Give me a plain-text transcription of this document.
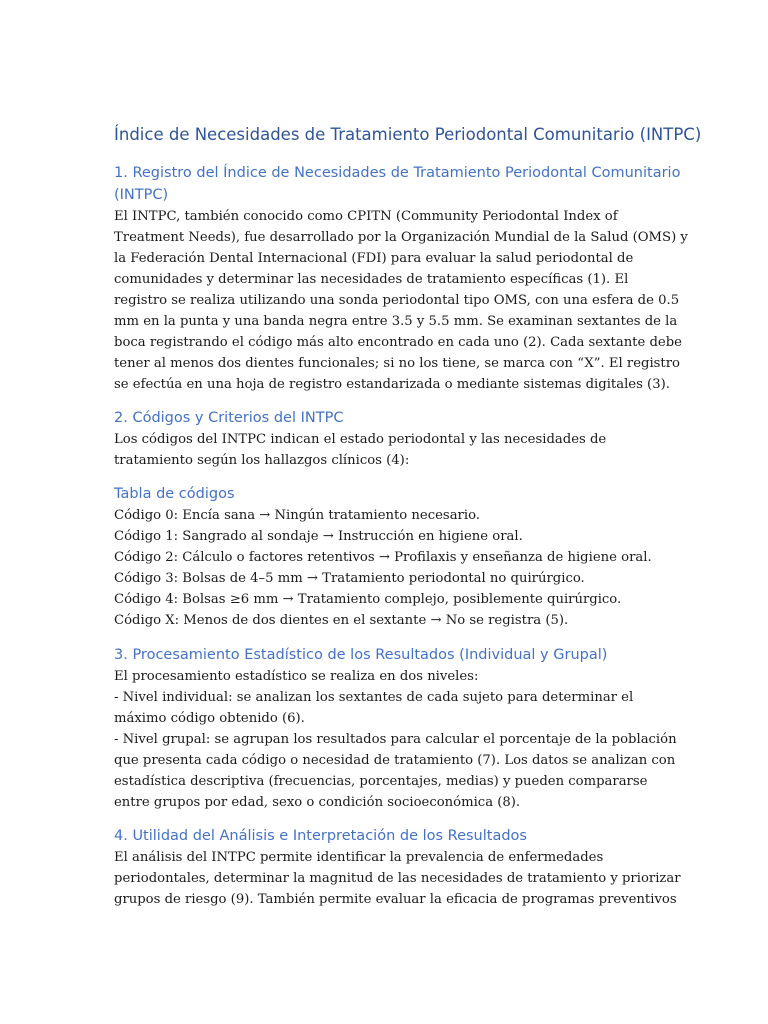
Índice de Necesidades de Tratamiento Periodontal Comunitario (INTPC)
1. Registro del Índice de Necesidades de Tratamiento Periodontal Comunitario
(INTPC)
El INTPC, también conocido como CPITN (Community Periodontal Index of
Treatment Needs), fue desarrollado por la Organización Mundial de la Salud (OMS) y
la Federación Dental Internacional (FDI) para evaluar la salud periodontal de
comunidades y determinar las necesidades de tratamiento específicas (1). El
registro se realiza utilizando una sonda periodontal tipo OMS, con una esfera de 0.5
mm en la punta y una banda negra entre 3.5 y 5.5 mm. Se examinan sextantes de la
boca registrando el código más alto encontrado en cada uno (2). Cada sextante debe
tener al menos dos dientes funcionales; si no los tiene, se marca con “X”. El registro
se efectúa en una hoja de registro estandarizada o mediante sistemas digitales (3).
2. Códigos y Criterios del INTPC
Los códigos del INTPC indican el estado periodontal y las necesidades de
tratamiento según los hallazgos clínicos (4):
Tabla de códigos
Código 0: Encía sana → Ningún tratamiento necesario.
Código 1: Sangrado al sondaje → Instrucción en higiene oral.
Código 2: Cálculo o factores retentivos → Profilaxis y enseñanza de higiene oral.
Código 3: Bolsas de 4–5 mm → Tratamiento periodontal no quirúrgico.
Código 4: Bolsas ≥6 mm → Tratamiento complejo, posiblemente quirúrgico.
Código X: Menos de dos dientes en el sextante → No se registra (5).
3. Procesamiento Estadístico de los Resultados (Individual y Grupal)
El procesamiento estadístico se realiza en dos niveles:
- Nivel individual: se analizan los sextantes de cada sujeto para determinar el
máximo código obtenido (6).
- Nivel grupal: se agrupan los resultados para calcular el porcentaje de la población
que presenta cada código o necesidad de tratamiento (7). Los datos se analizan con
estadística descriptiva (frecuencias, porcentajes, medias) y pueden compararse
entre grupos por edad, sexo o condición socioeconómica (8).
4. Utilidad del Análisis e Interpretación de los Resultados
El análisis del INTPC permite identificar la prevalencia de enfermedades
periodontales, determinar la magnitud de las necesidades de tratamiento y priorizar
grupos de riesgo (9). También permite evaluar la eficacia de programas preventivos
